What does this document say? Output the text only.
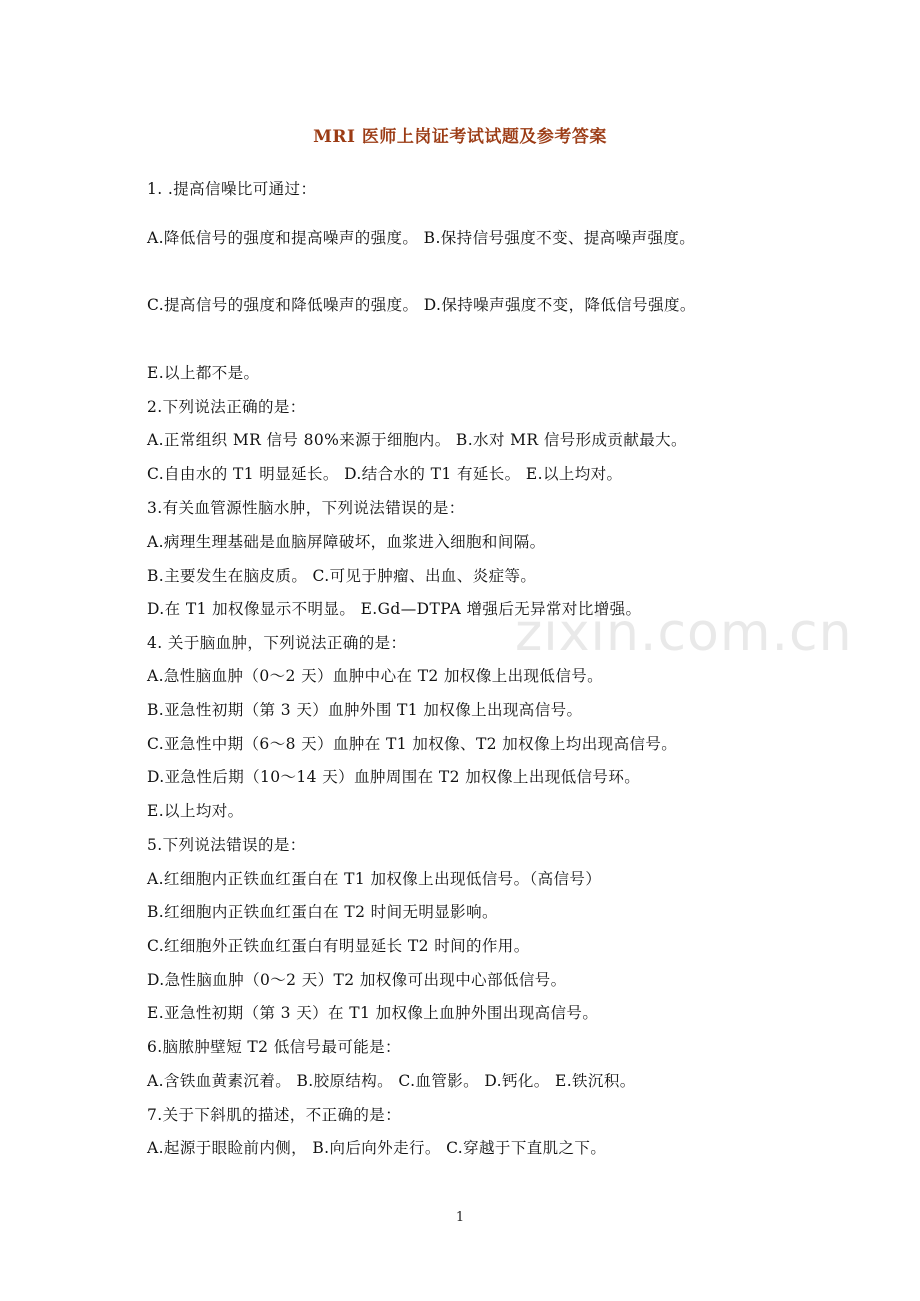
zixin.com.cn
MRI 医师上岗证考试试题及参考答案
1. .提高信噪比可通过：
A.降低信号的强度和提高噪声的强度。 B.保持信号强度不变、提高噪声强度。
C.提高信号的强度和降低噪声的强度。 D.保持噪声强度不变，降低信号强度。
E.以上都不是。
2.下列说法正确的是：
A.正常组织 MR 信号 80%来源于细胞内。 B.水对 MR 信号形成贡献最大。
C.自由水的 T1 明显延长。 D.结合水的 T1 有延长。 E.以上均对。
3.有关血管源性脑水肿，下列说法错误的是：
A.病理生理基础是血脑屏障破坏，血浆进入细胞和间隔。
B.主要发生在脑皮质。 C.可见于肿瘤、出血、炎症等。
D.在 T1 加权像显示不明显。 E.Gd—DTPA 增强后无异常对比增强。
4. 关于脑血肿，下列说法正确的是：
A.急性脑血肿（0～2 天）血肿中心在 T2 加权像上出现低信号。
B.亚急性初期（第 3 天）血肿外围 T1 加权像上出现高信号。
C.亚急性中期（6～8 天）血肿在 T1 加权像、T2 加权像上均出现高信号。
D.亚急性后期（10～14 天）血肿周围在 T2 加权像上出现低信号环。
E.以上均对。
5.下列说法错误的是：
A.红细胞内正铁血红蛋白在 T1 加权像上出现低信号。（高信号）
B.红细胞内正铁血红蛋白在 T2 时间无明显影响。
C.红细胞外正铁血红蛋白有明显延长 T2 时间的作用。
D.急性脑血肿（0～2 天）T2 加权像可出现中心部低信号。
E.亚急性初期（第 3 天）在 T1 加权像上血肿外围出现高信号。
6.脑脓肿壁短 T2 低信号最可能是：
A.含铁血黄素沉着。 B.胶原结构。 C.血管影。 D.钙化。 E.铁沉积。
7.关于下斜肌的描述，不正确的是：
A.起源于眼睑前内侧， B.向后向外走行。 C.穿越于下直肌之下。
1
